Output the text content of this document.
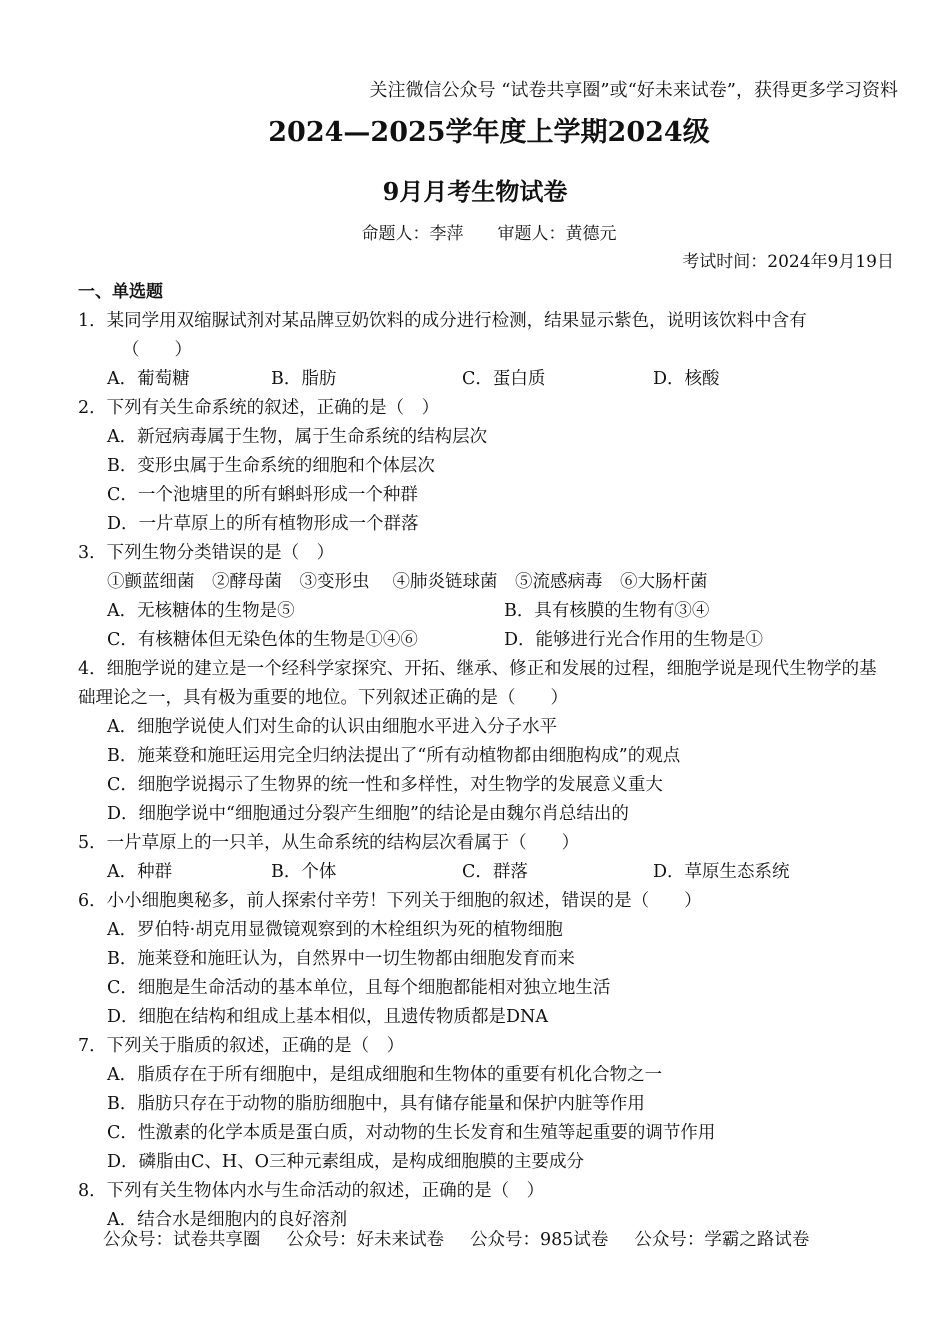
关注微信公众号 “试卷共享圈”或“好未来试卷”，获得更多学习资料
2024—2025学年度上学期2024级
9月月考生物试卷
命题人：李萍 审题人：黄德元
考试时间：2024年9月19日
一、单选题
1．某同学用双缩脲试剂对某品牌豆奶饮料的成分进行检测，结果显示紫色，说明该饮料中含有
（　　）
A．葡萄糖	B．脂肪	C．蛋白质	D．核酸
2．下列有关生命系统的叙述，正确的是（　）
A．新冠病毒属于生物，属于生命系统的结构层次
B．变形虫属于生命系统的细胞和个体层次
C．一个池塘里的所有蝌蚪形成一个种群
D．一片草原上的所有植物形成一个群落
3．下列生物分类错误的是（　）
①颤蓝细菌　②酵母菌　③变形虫　 ④肺炎链球菌　⑤流感病毒　⑥大肠杆菌
A．无核糖体的生物是⑤	B．具有核膜的生物有③④
C．有核糖体但无染色体的生物是①④⑥	D．能够进行光合作用的生物是①
4．细胞学说的建立是一个经科学家探究、开拓、继承、修正和发展的过程，细胞学说是现代生物学的基础理论之一，具有极为重要的地位。下列叙述正确的是（　　）
A．细胞学说使人们对生命的认识由细胞水平进入分子水平
B．施莱登和施旺运用完全归纳法提出了“所有动植物都由细胞构成”的观点
C．细胞学说揭示了生物界的统一性和多样性，对生物学的发展意义重大
D．细胞学说中“细胞通过分裂产生细胞”的结论是由魏尔肖总结出的
5．一片草原上的一只羊，从生命系统的结构层次看属于（　　）
A．种群	B．个体	C．群落	D．草原生态系统
6．小小细胞奥秘多，前人探索付辛劳！下列关于细胞的叙述，错误的是（　　）
A．罗伯特·胡克用显微镜观察到的木栓组织为死的植物细胞
B．施莱登和施旺认为，自然界中一切生物都由细胞发育而来
C．细胞是生命活动的基本单位，且每个细胞都能相对独立地生活
D．细胞在结构和组成上基本相似，且遗传物质都是DNA
7．下列关于脂质的叙述，正确的是（　）
A．脂质存在于所有细胞中，是组成细胞和生物体的重要有机化合物之一
B．脂肪只存在于动物的脂肪细胞中，具有储存能量和保护内脏等作用
C．性激素的化学本质是蛋白质，对动物的生长发育和生殖等起重要的调节作用
D．磷脂由C、H、O三种元素组成，是构成细胞膜的主要成分
8．下列有关生物体内水与生命活动的叙述，正确的是（　）
A．结合水是细胞内的良好溶剂
公众号：试卷共享圈 公众号：好未来试卷 公众号：985试卷 公众号：学霸之路试卷
